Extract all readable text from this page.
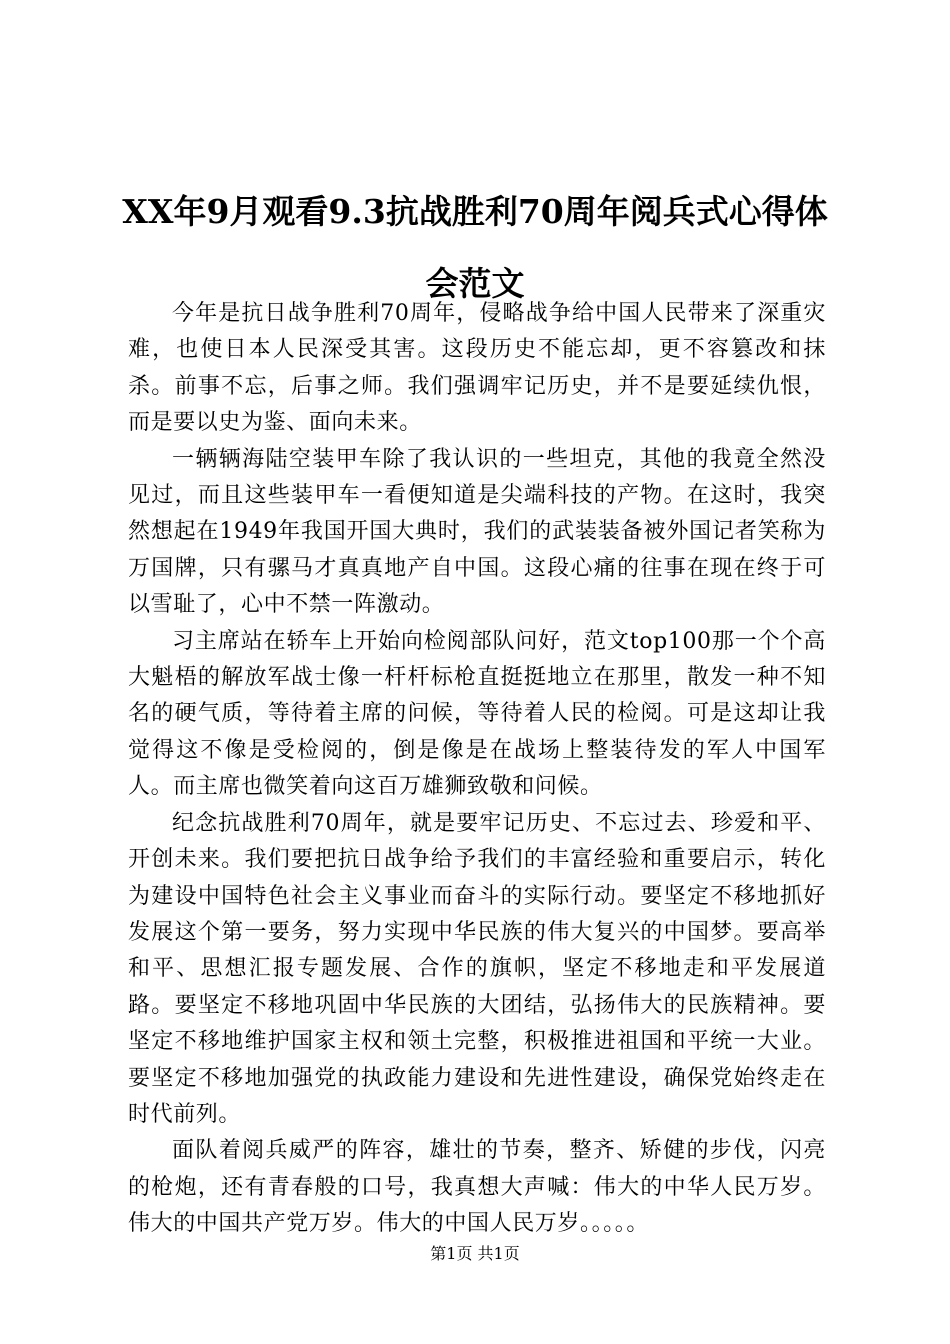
XX年9月观看9.3抗战胜利70周年阅兵式心得体会范文

今年是抗日战争胜利70周年，侵略战争给中国人民带来了深重灾难，也使日本人民深受其害。这段历史不能忘却，更不容篡改和抹杀。前事不忘，后事之师。我们强调牢记历史，并不是要延续仇恨，而是要以史为鉴、面向未来。

一辆辆海陆空装甲车除了我认识的一些坦克，其他的我竟全然没见过，而且这些装甲车一看便知道是尖端科技的产物。在这时，我突然想起在1949年我国开国大典时，我们的武装装备被外国记者笑称为万国牌，只有骡马才真真地产自中国。这段心痛的往事在现在终于可以雪耻了，心中不禁一阵激动。

习主席站在轿车上开始向检阅部队问好，范文top100那一个个高大魁梧的解放军战士像一杆杆标枪直挺挺地立在那里，散发一种不知名的硬气质，等待着主席的问候，等待着人民的检阅。可是这却让我觉得这不像是受检阅的，倒是像是在战场上整装待发的军人中国军人。而主席也微笑着向这百万雄狮致敬和问候。

纪念抗战胜利70周年，就是要牢记历史、不忘过去、珍爱和平、开创未来。我们要把抗日战争给予我们的丰富经验和重要启示，转化为建设中国特色社会主义事业而奋斗的实际行动。要坚定不移地抓好发展这个第一要务，努力实现中华民族的伟大复兴的中国梦。要高举和平、思想汇报专题发展、合作的旗帜，坚定不移地走和平发展道路。要坚定不移地巩固中华民族的大团结，弘扬伟大的民族精神。要坚定不移地维护国家主权和领土完整，积极推进祖国和平统一大业。要坚定不移地加强党的执政能力建设和先进性建设，确保党始终走在时代前列。

面队着阅兵威严的阵容，雄壮的节奏，整齐、矫健的步伐，闪亮的枪炮，还有青春般的口号，我真想大声喊：伟大的中华人民万岁。伟大的中国共产党万岁。伟大的中国人民万岁。。。。。

第1页 共1页
